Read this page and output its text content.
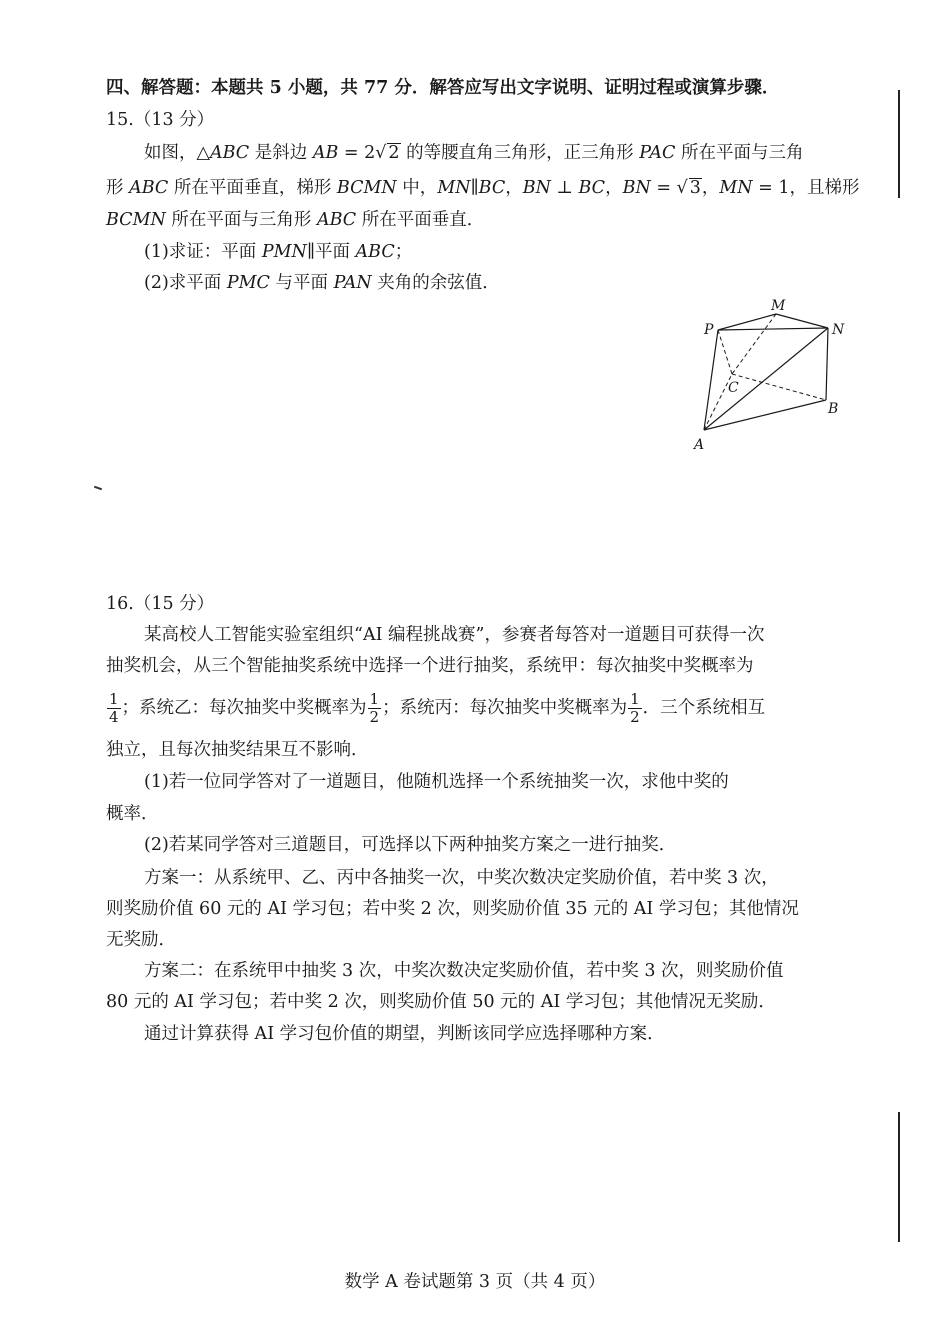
四、解答题：本题共 5 小题，共 77 分．解答应写出文字说明、证明过程或演算步骤．
15.（13 分）
如图，△ABC 是斜边 AB = 2√ 2 的等腰直角三角形，正三角形 PAC 所在平面与三角
形 ABC 所在平面垂直，梯形 BCMN 中，MN∥BC，BN ⊥ BC，BN = √ 3，MN = 1，且梯形
BCMN 所在平面与三角形 ABC 所在平面垂直．
(1)求证：平面 PMN∥平面 ABC；
(2)求平面 PMC 与平面 PAN 夹角的余弦值．
M
P	N
C
B
A
16.（15 分）
某高校人工智能实验室组织“AI 编程挑战赛”，参赛者每答对一道题目可获得一次
抽奖机会，从三个智能抽奖系统中选择一个进行抽奖，系统甲：每次抽奖中奖概率为
$\frac{1}{4}$ ；系统乙：每次抽奖中奖概率为 $\frac{1}{2}$ ；系统丙：每次抽奖中奖概率为 $\frac{1}{2}$ ．三个系统相互
独立，且每次抽奖结果互不影响．
(1)若一位同学答对了一道题目，他随机选择一个系统抽奖一次，求他中奖的
概率．
(2)若某同学答对三道题目，可选择以下两种抽奖方案之一进行抽奖．
方案一：从系统甲、乙、丙中各抽奖一次，中奖次数决定奖励价值，若中奖 3 次，
则奖励价值 60 元的 AI 学习包；若中奖 2 次，则奖励价值 35 元的 AI 学习包；其他情况
无奖励．
方案二：在系统甲中抽奖 3 次，中奖次数决定奖励价值，若中奖 3 次，则奖励价值
80 元的 AI 学习包；若中奖 2 次，则奖励价值 50 元的 AI 学习包；其他情况无奖励．
通过计算获得 AI 学习包价值的期望，判断该同学应选择哪种方案．
数学 A 卷试题第 3 页（共 4 页）
